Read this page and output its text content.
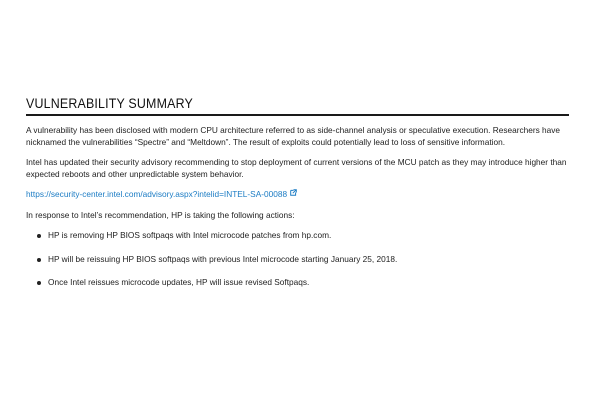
VULNERABILITY SUMMARY

A vulnerability has been disclosed with modern CPU architecture referred to as side-channel analysis or speculative execution. Researchers have nicknamed the vulnerabilities “Spectre” and “Meltdown”. The result of exploits could potentially lead to loss of sensitive information.

Intel has updated their security advisory recommending to stop deployment of current versions of the MCU patch as they may introduce higher than expected reboots and other unpredictable system behavior.

https://security-center.intel.com/advisory.aspx?intelid=INTEL-SA-00088

In response to Intel’s recommendation, HP is taking the following actions:

HP is removing HP BIOS softpaqs with Intel microcode patches from hp.com.
HP will be reissuing HP BIOS softpaqs with previous Intel microcode starting January 25, 2018.
Once Intel reissues microcode updates, HP will issue revised Softpaqs.
